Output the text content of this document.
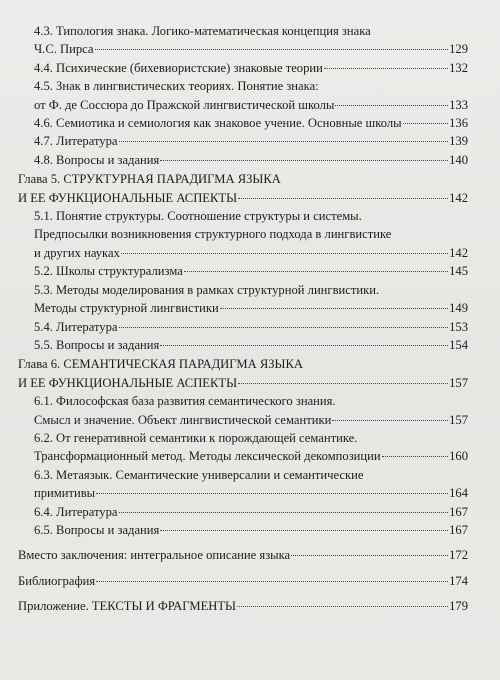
4.3. Типология знака. Логико-математическая концепция знака
Ч.С. Пирса	129
4.4. Психические (бихевиористские) знаковые теории	132
4.5. Знак в лингвистических теориях. Понятие знака:
от Ф. де Соссюра до Пражской лингвистической школы	133
4.6. Семиотика и семиология как знаковое учение. Основные школы	136
4.7. Литература	139
4.8. Вопросы и задания	140
Глава 5. СТРУКТУРНАЯ ПАРАДИГМА ЯЗЫКА
И ЕЕ ФУНКЦИОНАЛЬНЫЕ АСПЕКТЫ	142
5.1. Понятие структуры. Соотношение структуры и системы.
Предпосылки возникновения структурного подхода в лингвистике
и других науках	142
5.2. Школы структурализма	145
5.3. Методы моделирования в рамках структурной лингвистики.
Методы структурной лингвистики	149
5.4. Литература	153
5.5. Вопросы и задания	154
Глава 6. СЕМАНТИЧЕСКАЯ ПАРАДИГМА ЯЗЫКА
И ЕЕ ФУНКЦИОНАЛЬНЫЕ АСПЕКТЫ	157
6.1. Философская база развития семантического знания.
Смысл и значение. Объект лингвистической семантики	157
6.2. От генеративной семантики к порождающей семантике.
Трансформационный метод. Методы лексической декомпозиции	160
6.3. Метаязык. Семантические универсалии и семантические
примитивы	164
6.4. Литература	167
6.5. Вопросы и задания	167
Вместо заключения: интегральное описание языка	172
Библиография	174
Приложение. ТЕКСТЫ И ФРАГМЕНТЫ	179
